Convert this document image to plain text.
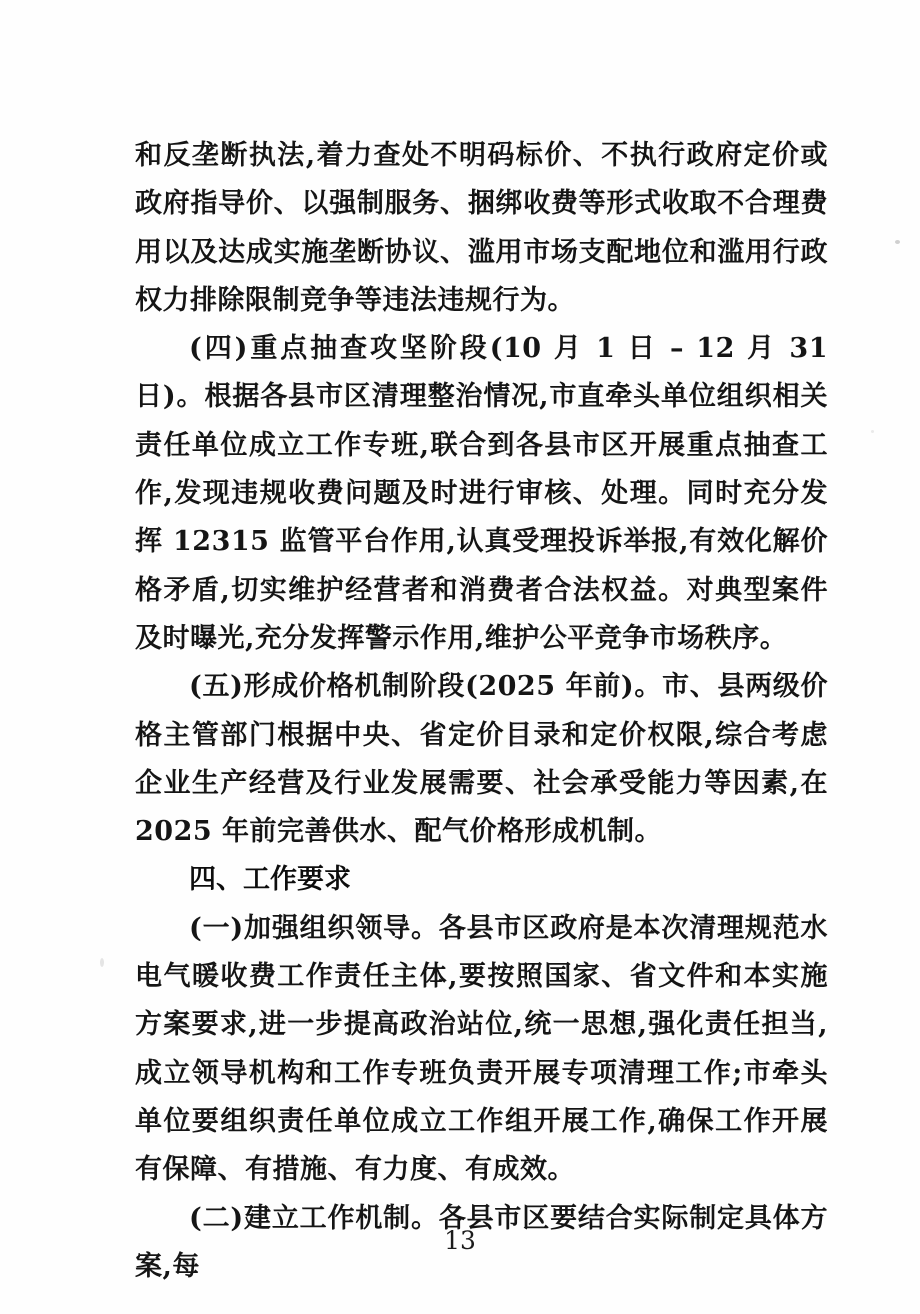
和反垄断执法,着力查处不明码标价、不执行政府定价或政府指导价、以强制服务、捆绑收费等形式收取不合理费用以及达成实施垄断协议、滥用市场支配地位和滥用行政权力排除限制竞争等违法违规行为。

(四)重点抽查攻坚阶段(10 月 1 日 – 12 月 31 日)。根据各县市区清理整治情况,市直牵头单位组织相关责任单位成立工作专班,联合到各县市区开展重点抽查工作,发现违规收费问题及时进行审核、处理。同时充分发挥 12315 监管平台作用,认真受理投诉举报,有效化解价格矛盾,切实维护经营者和消费者合法权益。对典型案件及时曝光,充分发挥警示作用,维护公平竞争市场秩序。

(五)形成价格机制阶段(2025 年前)。市、县两级价格主管部门根据中央、省定价目录和定价权限,综合考虑企业生产经营及行业发展需要、社会承受能力等因素,在 2025 年前完善供水、配气价格形成机制。

四、工作要求

(一)加强组织领导。各县市区政府是本次清理规范水电气暖收费工作责任主体,要按照国家、省文件和本实施方案要求,进一步提高政治站位,统一思想,强化责任担当,成立领导机构和工作专班负责开展专项清理工作;市牵头单位要组织责任单位成立工作组开展工作,确保工作开展有保障、有措施、有力度、有成效。

(二)建立工作机制。各县市区要结合实际制定具体方案,每

13
